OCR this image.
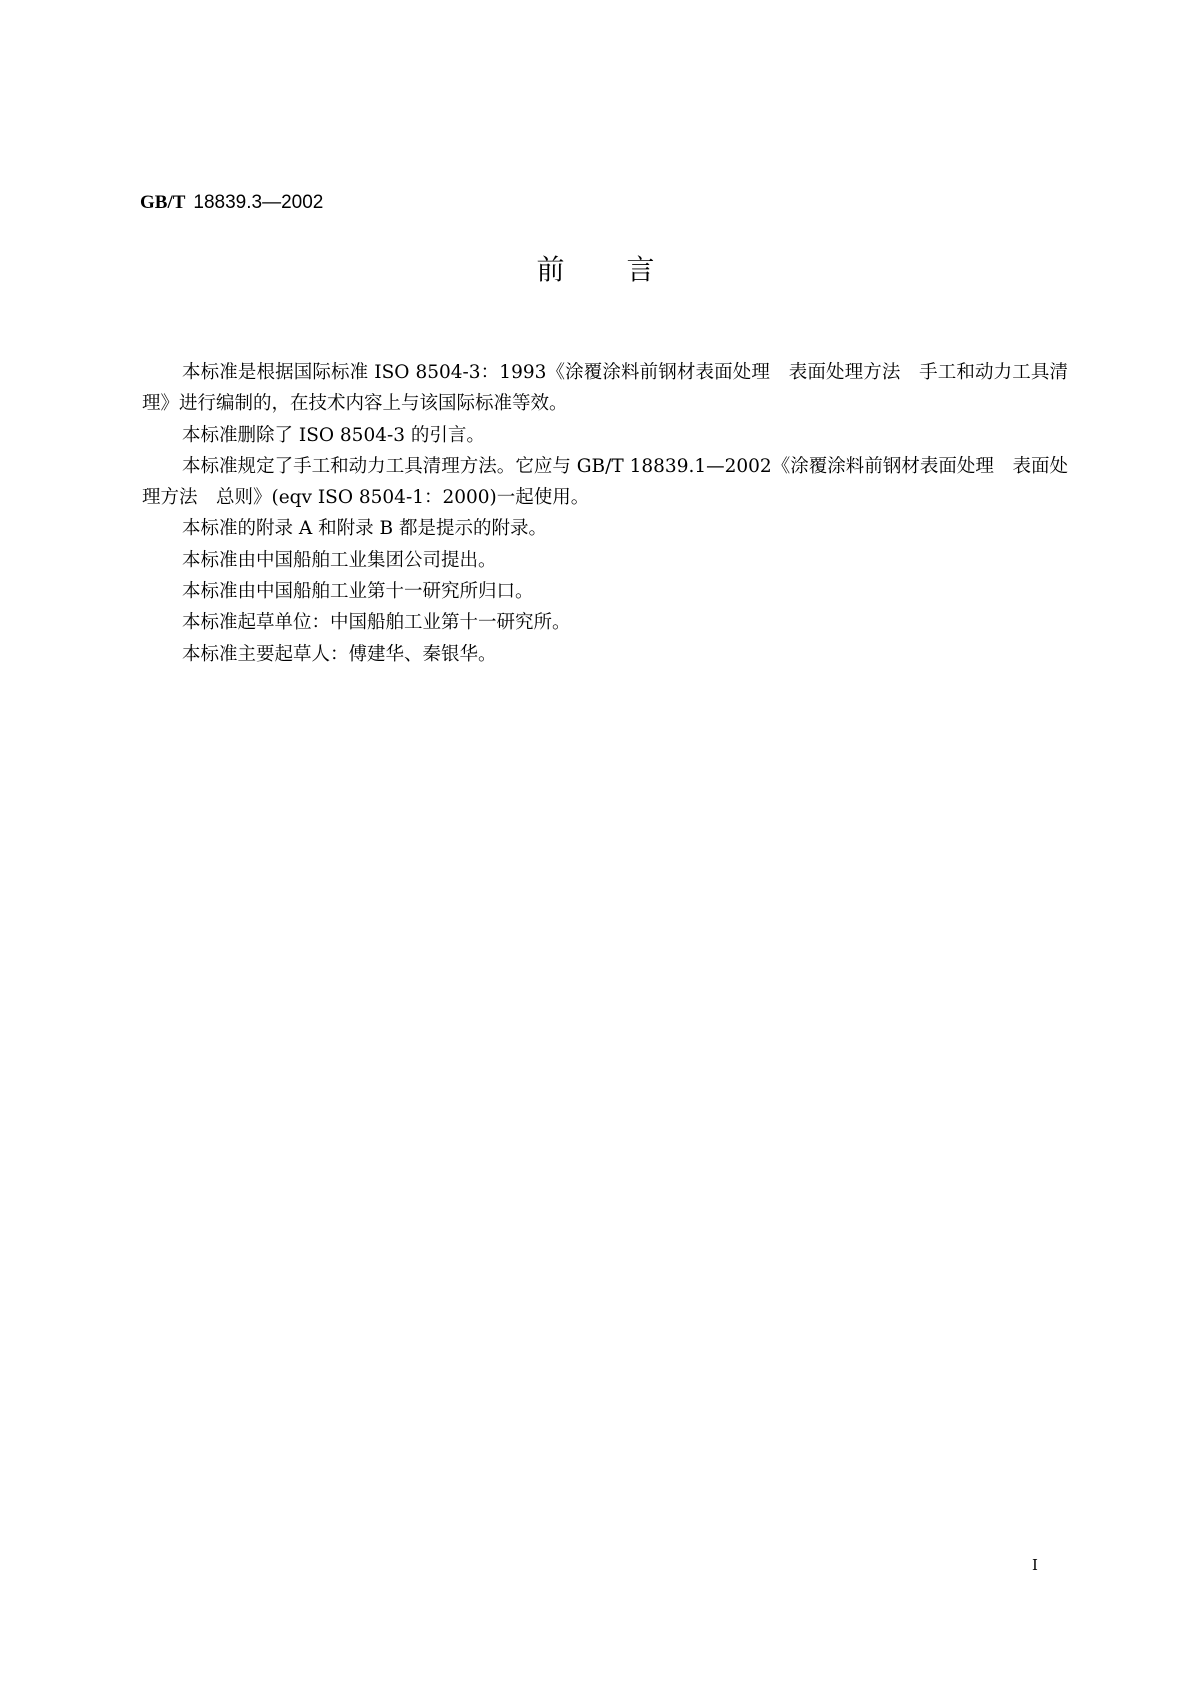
GB/T 18839.3—2002
前言

本标准是根据国际标准 ISO 8504-3：1993《涂覆涂料前钢材表面处理　表面处理方法　手工和动力工具清理》进行编制的，在技术内容上与该国际标准等效。

本标准删除了 ISO 8504-3 的引言。

本标准规定了手工和动力工具清理方法。它应与 GB/T 18839.1—2002《涂覆涂料前钢材表面处理　表面处理方法　总则》(eqv ISO 8504-1：2000)一起使用。

本标准的附录 A 和附录 B 都是提示的附录。

本标准由中国船舶工业集团公司提出。

本标准由中国船舶工业第十一研究所归口。

本标准起草单位：中国船舶工业第十一研究所。

本标准主要起草人：傅建华、秦银华。

Ⅰ
